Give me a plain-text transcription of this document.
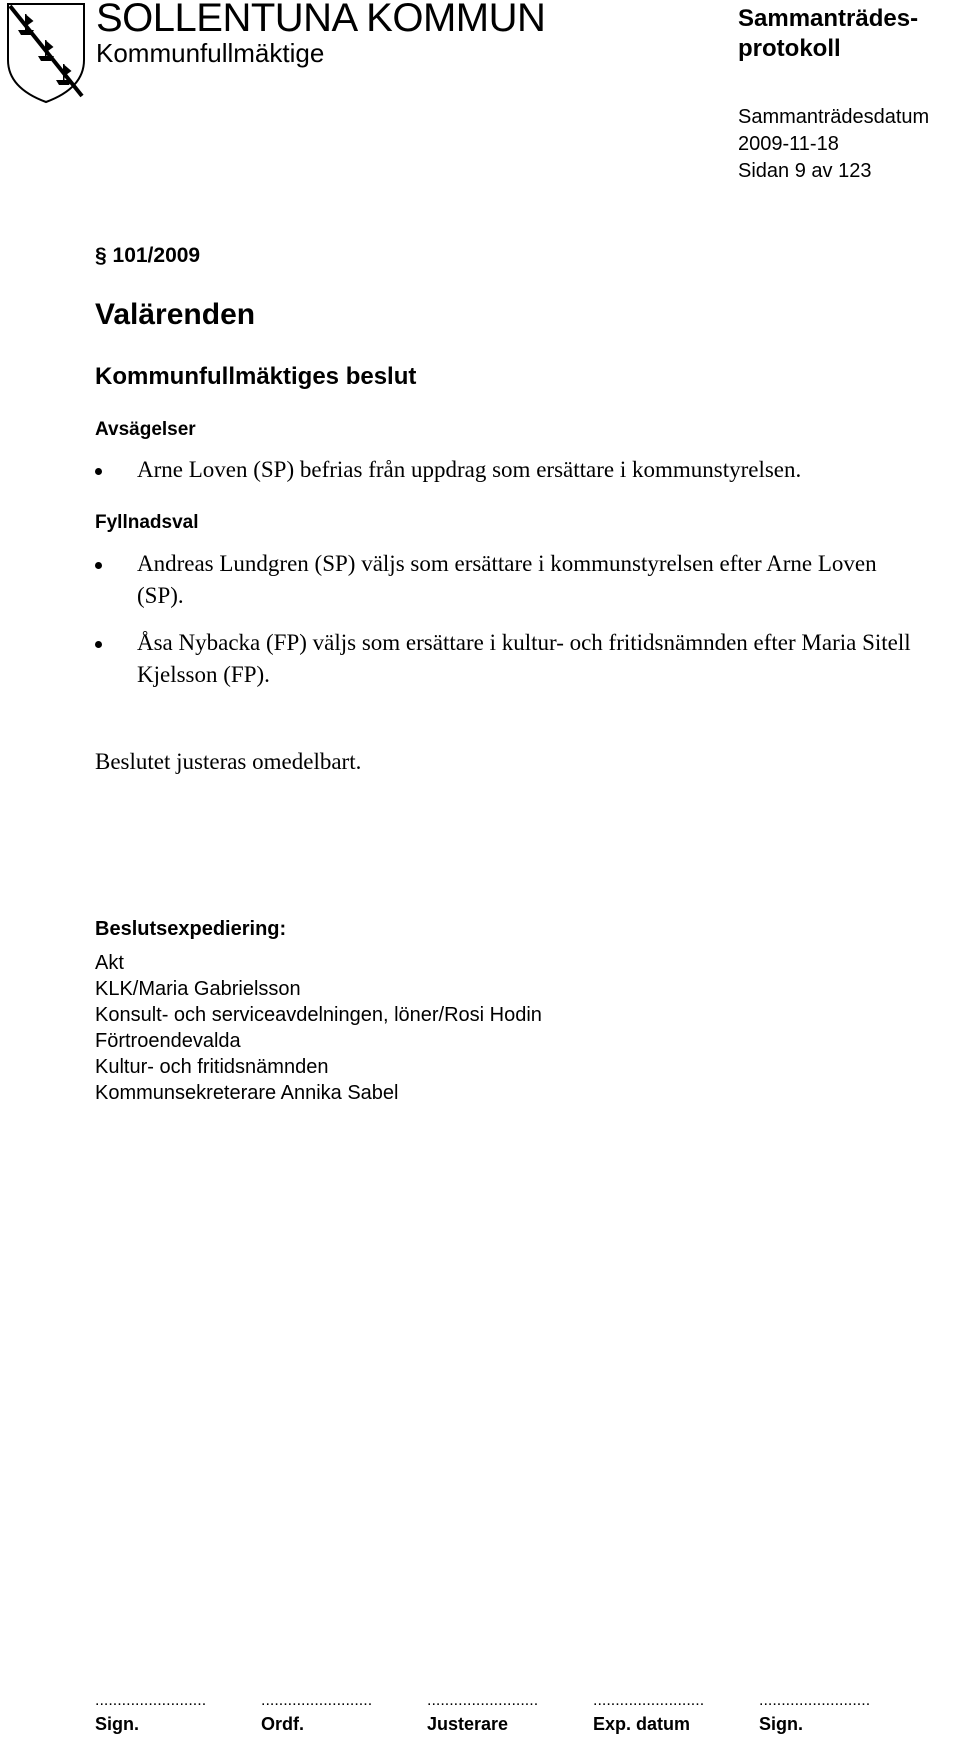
SOLLENTUNA KOMMUN
Kommunfullmäktige
Sammanträdes-
protokoll
Sammanträdesdatum
2009-11-18
Sidan 9 av 123
§ 101/2009
Valärenden
Kommunfullmäktiges beslut
Avsägelser
Arne Loven (SP) befrias från uppdrag som ersättare i kommunstyrelsen.
Fyllnadsval
Andreas Lundgren (SP) väljs som ersättare i kommunstyrelsen efter Arne Loven (SP).
Åsa Nybacka (FP) väljs som ersättare i kultur- och fritidsnämnden efter Maria Sitell Kjelsson (FP).
Beslutet justeras omedelbart.
Beslutsexpediering:
Akt
KLK/Maria Gabrielsson
Konsult- och serviceavdelningen, löner/Rosi Hodin
Förtroendevalda
Kultur- och fritidsnämnden
Kommunsekreterare Annika Sabel
.........................
Sign.
.........................
Ordf.
.........................
Justerare
.........................
Exp. datum
.........................
Sign.
